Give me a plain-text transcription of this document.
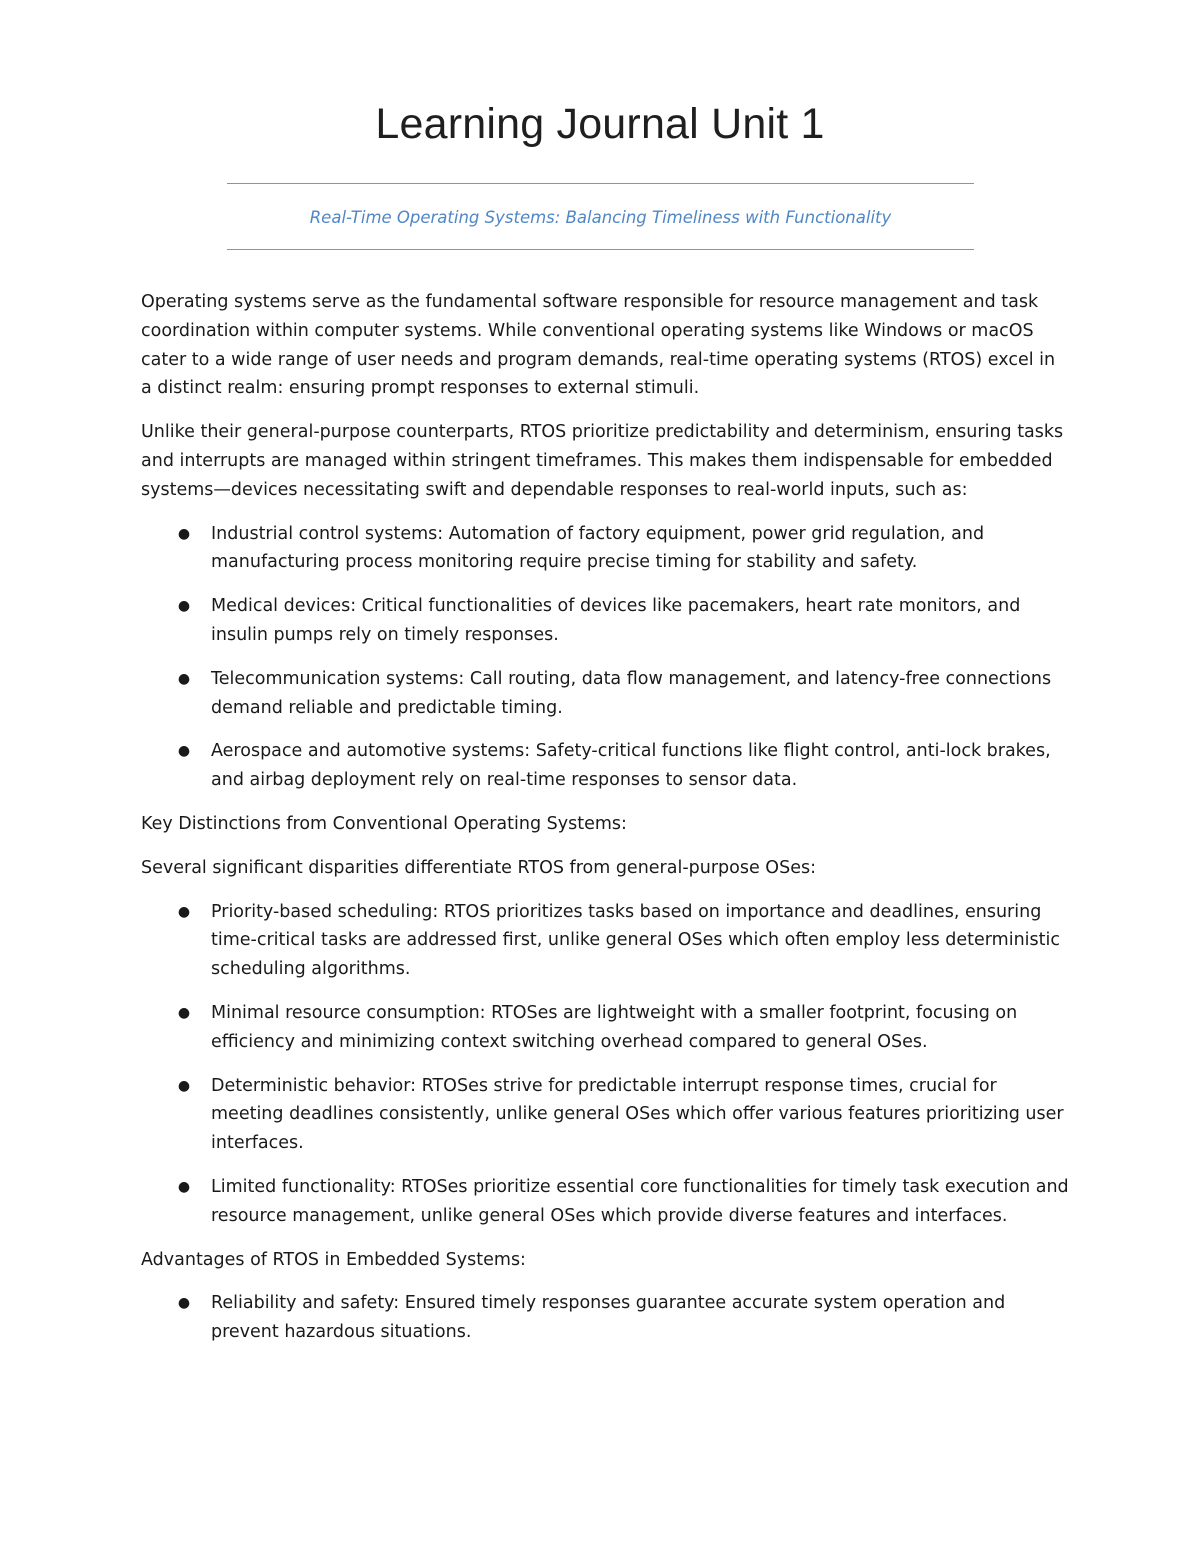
Learning Journal Unit 1
Real-Time Operating Systems: Balancing Timeliness with Functionality

Operating systems serve as the fundamental software responsible for resource management and task coordination within computer systems. While conventional operating systems like Windows or macOS cater to a wide range of user needs and program demands, real-time operating systems (RTOS) excel in a distinct realm: ensuring prompt responses to external stimuli.

Unlike their general-purpose counterparts, RTOS prioritize predictability and determinism, ensuring tasks and interrupts are managed within stringent timeframes. This makes them indispensable for embedded systems—devices necessitating swift and dependable responses to real-world inputs, such as:

● Industrial control systems: Automation of factory equipment, power grid regulation, and manufacturing process monitoring require precise timing for stability and safety.
● Medical devices: Critical functionalities of devices like pacemakers, heart rate monitors, and insulin pumps rely on timely responses.
● Telecommunication systems: Call routing, data flow management, and latency-free connections demand reliable and predictable timing.
● Aerospace and automotive systems: Safety-critical functions like flight control, anti-lock brakes, and airbag deployment rely on real-time responses to sensor data.

Key Distinctions from Conventional Operating Systems:

Several significant disparities differentiate RTOS from general-purpose OSes:

● Priority-based scheduling: RTOS prioritizes tasks based on importance and deadlines, ensuring time-critical tasks are addressed first, unlike general OSes which often employ less deterministic scheduling algorithms.
● Minimal resource consumption: RTOSes are lightweight with a smaller footprint, focusing on efficiency and minimizing context switching overhead compared to general OSes.
● Deterministic behavior: RTOSes strive for predictable interrupt response times, crucial for meeting deadlines consistently, unlike general OSes which offer various features prioritizing user interfaces.
● Limited functionality: RTOSes prioritize essential core functionalities for timely task execution and resource management, unlike general OSes which provide diverse features and interfaces.

Advantages of RTOS in Embedded Systems:

● Reliability and safety: Ensured timely responses guarantee accurate system operation and prevent hazardous situations.
